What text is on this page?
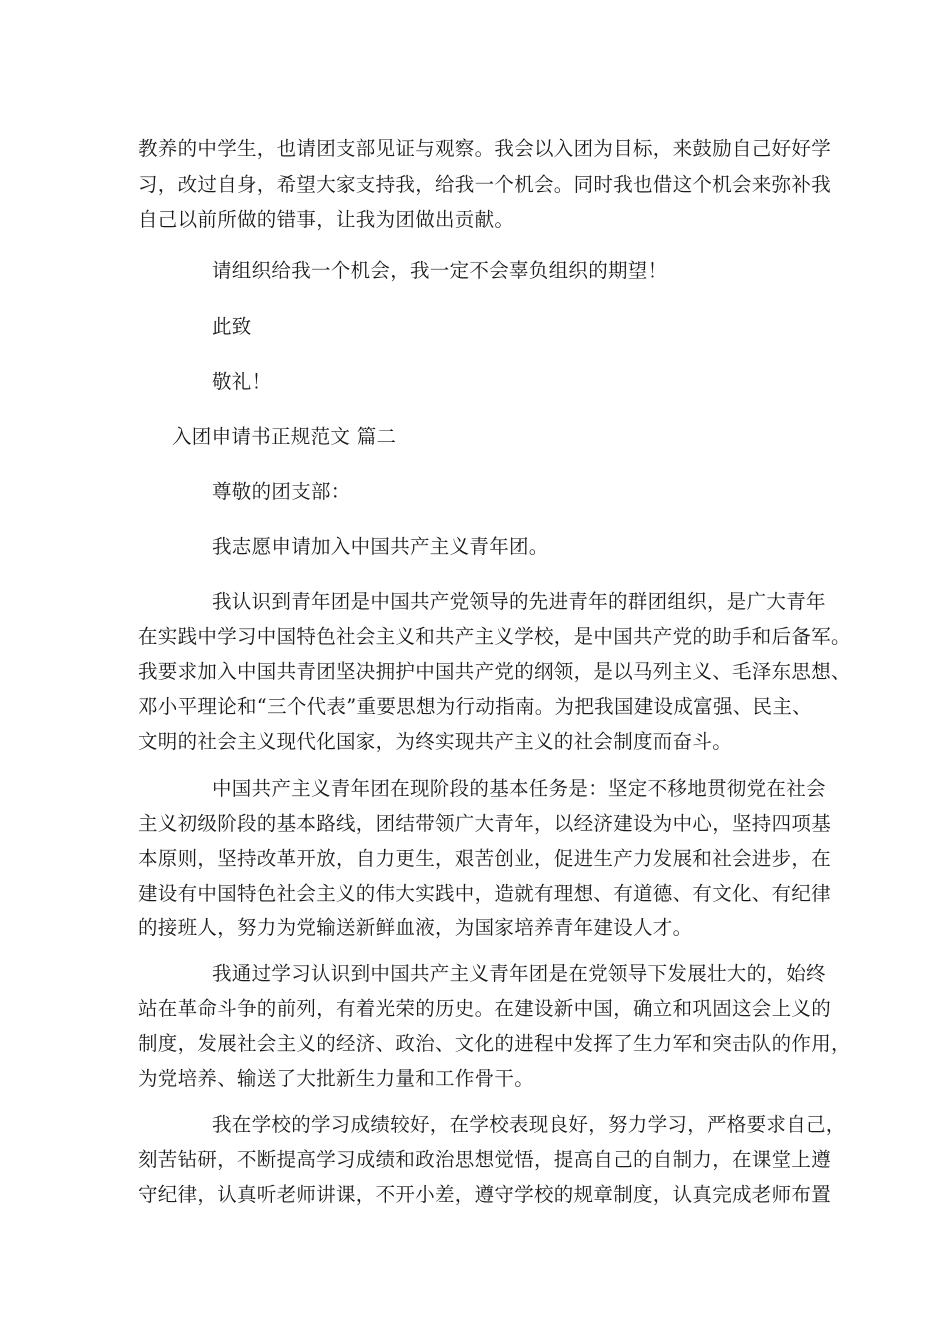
教养的中学生，也请团支部见证与观察。我会以入团为目标，来鼓励自己好好学
习，改过自身，希望大家支持我，给我一个机会。同时我也借这个机会来弥补我
自己以前所做的错事，让我为团做出贡献。
请组织给我一个机会，我一定不会辜负组织的期望！
此致
敬礼！
入团申请书正规范文 篇二
尊敬的团支部：
我志愿申请加入中国共产主义青年团。
我认识到青年团是中国共产党领导的先进青年的群团组织，是广大青年
在实践中学习中国特色社会主义和共产主义学校，是中国共产党的助手和后备军。
我要求加入中国共青团坚决拥护中国共产党的纲领，是以马列主义、毛泽东思想、
邓小平理论和“三个代表”重要思想为行动指南。为把我国建设成富强、民主、
文明的社会主义现代化国家，为终实现共产主义的社会制度而奋斗。
中国共产主义青年团在现阶段的基本任务是：坚定不移地贯彻党在社会
主义初级阶段的基本路线，团结带领广大青年，以经济建设为中心，坚持四项基
本原则，坚持改革开放，自力更生，艰苦创业，促进生产力发展和社会进步，在
建设有中国特色社会主义的伟大实践中，造就有理想、有道德、有文化、有纪律
的接班人，努力为党输送新鲜血液，为国家培养青年建设人才。
我通过学习认识到中国共产主义青年团是在党领导下发展壮大的，始终
站在革命斗争的前列，有着光荣的历史。在建设新中国，确立和巩固这会上义的
制度，发展社会主义的经济、政治、文化的进程中发挥了生力军和突击队的作用，
为党培养、输送了大批新生力量和工作骨干。
我在学校的学习成绩较好，在学校表现良好，努力学习，严格要求自己，
刻苦钻研，不断提高学习成绩和政治思想觉悟，提高自己的自制力，在课堂上遵
守纪律，认真听老师讲课，不开小差，遵守学校的规章制度，认真完成老师布置
